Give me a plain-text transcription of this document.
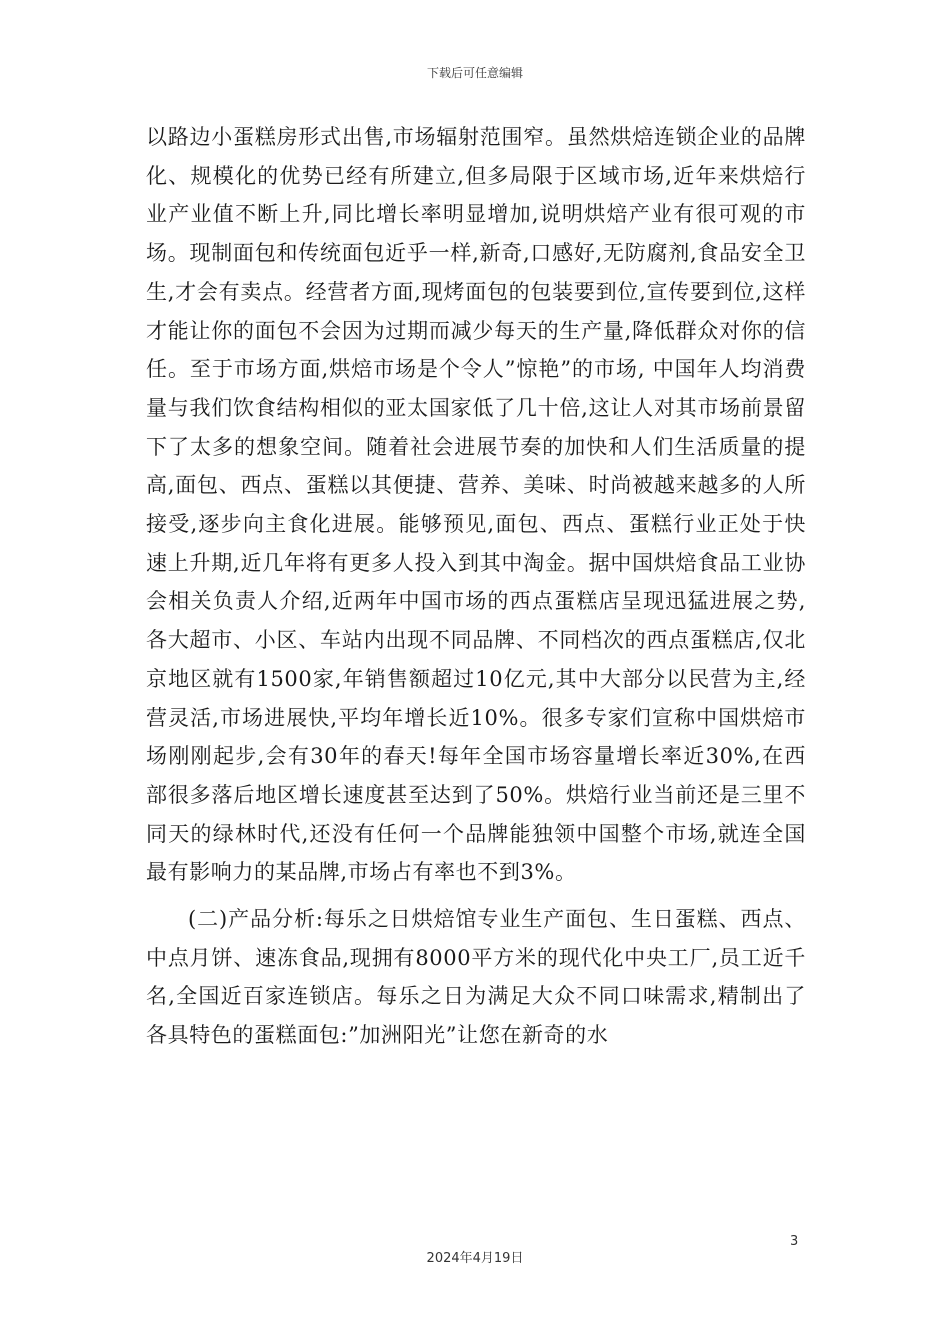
下载后可任意编辑

以路边小蛋糕房形式出售,市场辐射范围窄。虽然烘焙连锁企业的品牌化、规模化的优势已经有所建立,但多局限于区域市场,近年来烘焙行业产业值不断上升,同比增长率明显增加,说明烘焙产业有很可观的市场。现制面包和传统面包近乎一样,新奇,口感好,无防腐剂,食品安全卫生,才会有卖点。经营者方面,现烤面包的包装要到位,宣传要到位,这样才能让你的面包不会因为过期而减少每天的生产量,降低群众对你的信任。至于市场方面,烘焙市场是个令人”惊艳”的市场, 中国年人均消费量与我们饮食结构相似的亚太国家低了几十倍,这让人对其市场前景留下了太多的想象空间。随着社会进展节奏的加快和人们生活质量的提高,面包、西点、蛋糕以其便捷、营养、美味、时尚被越来越多的人所接受,逐步向主食化进展。能够预见,面包、西点、蛋糕行业正处于快速上升期,近几年将有更多人投入到其中淘金。据中国烘焙食品工业协会相关负责人介绍,近两年中国市场的西点蛋糕店呈现迅猛进展之势,各大超市、小区、车站内出现不同品牌、不同档次的西点蛋糕店,仅北京地区就有1500家,年销售额超过10亿元,其中大部分以民营为主,经营灵活,市场进展快,平均年增长近10%。很多专家们宣称中国烘焙市场刚刚起步,会有30年的春天!每年全国市场容量增长率近30%,在西部很多落后地区增长速度甚至达到了50%。烘焙行业当前还是三里不同天的绿林时代,还没有任何一个品牌能独领中国整个市场,就连全国最有影响力的某品牌,市场占有率也不到3%。

(二)产品分析:每乐之日烘焙馆专业生产面包、生日蛋糕、西点、中点月饼、速冻食品,现拥有8000平方米的现代化中央工厂,员工近千名,全国近百家连锁店。每乐之日为满足大众不同口味需求,精制出了各具特色的蛋糕面包:”加洲阳光”让您在新奇的水

3
2024年4月19日
